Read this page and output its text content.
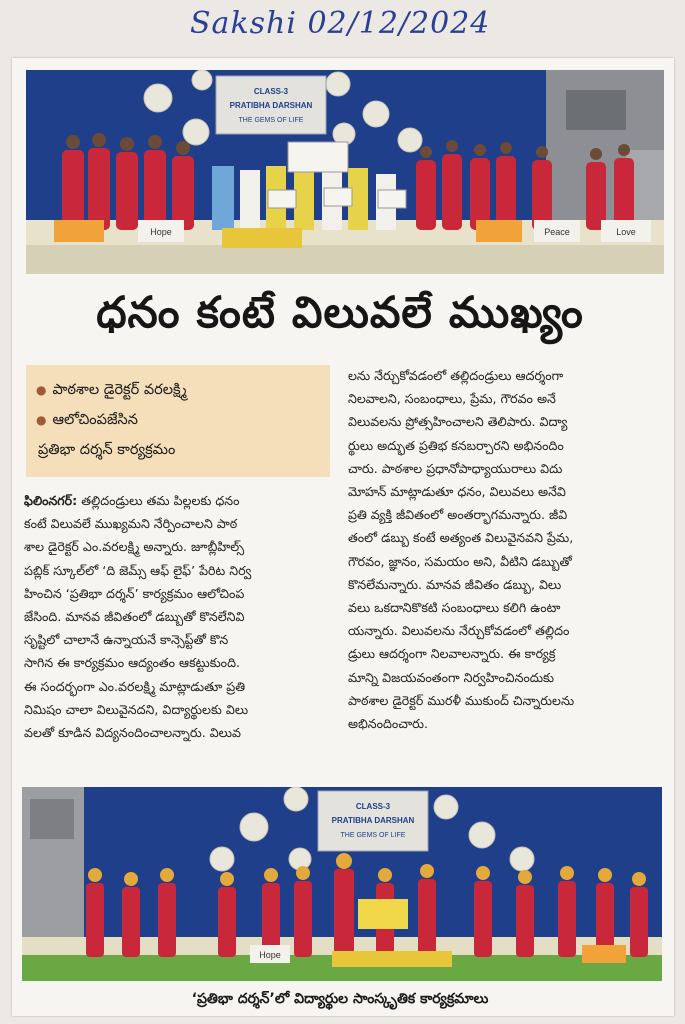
Sakshi 02/12/2024
CLASS-3
PRATIBHA DARSHAN
THE GEMS OF LIFE
Hope	Peace	Love
ధనం కంటే విలువలే ముఖ్యం
● పాఠశాల డైరెక్టర్ వరలక్ష్మి
● ఆలోచింపజేసిన
ప్రతిభా దర్శన్ కార్యక్రమం
ఫిలింనగర్: తల్లిదండ్రులు తమ పిల్లలకు ధనం
కంటే విలువలే ముఖ్యమని నేర్పించాలని పాఠ
శాల డైరెక్టర్ ఎం.వరలక్ష్మి అన్నారు. జూబ్లీహిల్స్
పబ్లిక్ స్కూల్‌లో ‘ది జెమ్స్ ఆఫ్ లైఫ్’ పేరిట నిర్వ
హించిన ‘ప్రతిభా దర్శన్’ కార్యక్రమం ఆలోచింప
జేసింది. మానవ జీవితంలో డబ్బుతో కొనలేనివి
సృష్టిలో చాలానే ఉన్నాయనే కాన్సెప్ట్‌తో కొన
సాగిన ఈ కార్యక్రమం ఆద్యంతం ఆకట్టుకుంది.
ఈ సందర్భంగా ఎం.వరలక్ష్మి మాట్లాడుతూ ప్రతి
నిమిషం చాలా విలువైనదని, విద్యార్థులకు విలు
వలతో కూడిన విద్యనందించాలన్నారు. విలువ
లను నేర్చుకోవడంలో తల్లిదండ్రులు ఆదర్శంగా
నిలవాలని, సంబంధాలు, ప్రేమ, గౌరవం అనే
విలువలను ప్రోత్సహించాలని తెలిపారు. విద్యా
ర్థులు అద్భుత ప్రతిభ కనబర్చారని అభినందిం
చారు. పాఠశాల ప్రధానోపాధ్యాయురాలు విదు
మోహన్ మాట్లాడుతూ ధనం, విలువలు అనేవి
ప్రతి వ్యక్తి జీవితంలో అంతర్భాగమన్నారు. జీవి
తంలో డబ్బు కంటే అత్యంత విలువైనవని ప్రేమ,
గౌరవం, జ్ఞానం, సమయం అని, వీటిని డబ్బుతో
కొనలేమన్నారు. మానవ జీవితం డబ్బు, విలు
వలు ఒకదానికొకటి సంబంధాలు కలిగి ఉంటా
యన్నారు. విలువలను నేర్చుకోవడంలో తల్లిదం
డ్రులు ఆదర్శంగా నిలవాలన్నారు. ఈ కార్యక్ర
మాన్ని విజయవంతంగా నిర్వహించినందుకు
పాఠశాల డైరెక్టర్ మురళీ ముకుంద్ చిన్నారులను
అభినందించారు.
CLASS-3
PRATIBHA DARSHAN
THE GEMS OF LIFE
Hope
‘ప్రతిభా దర్శన్’లో విద్యార్థుల సాంస్కృతిక కార్యక్రమాలు
